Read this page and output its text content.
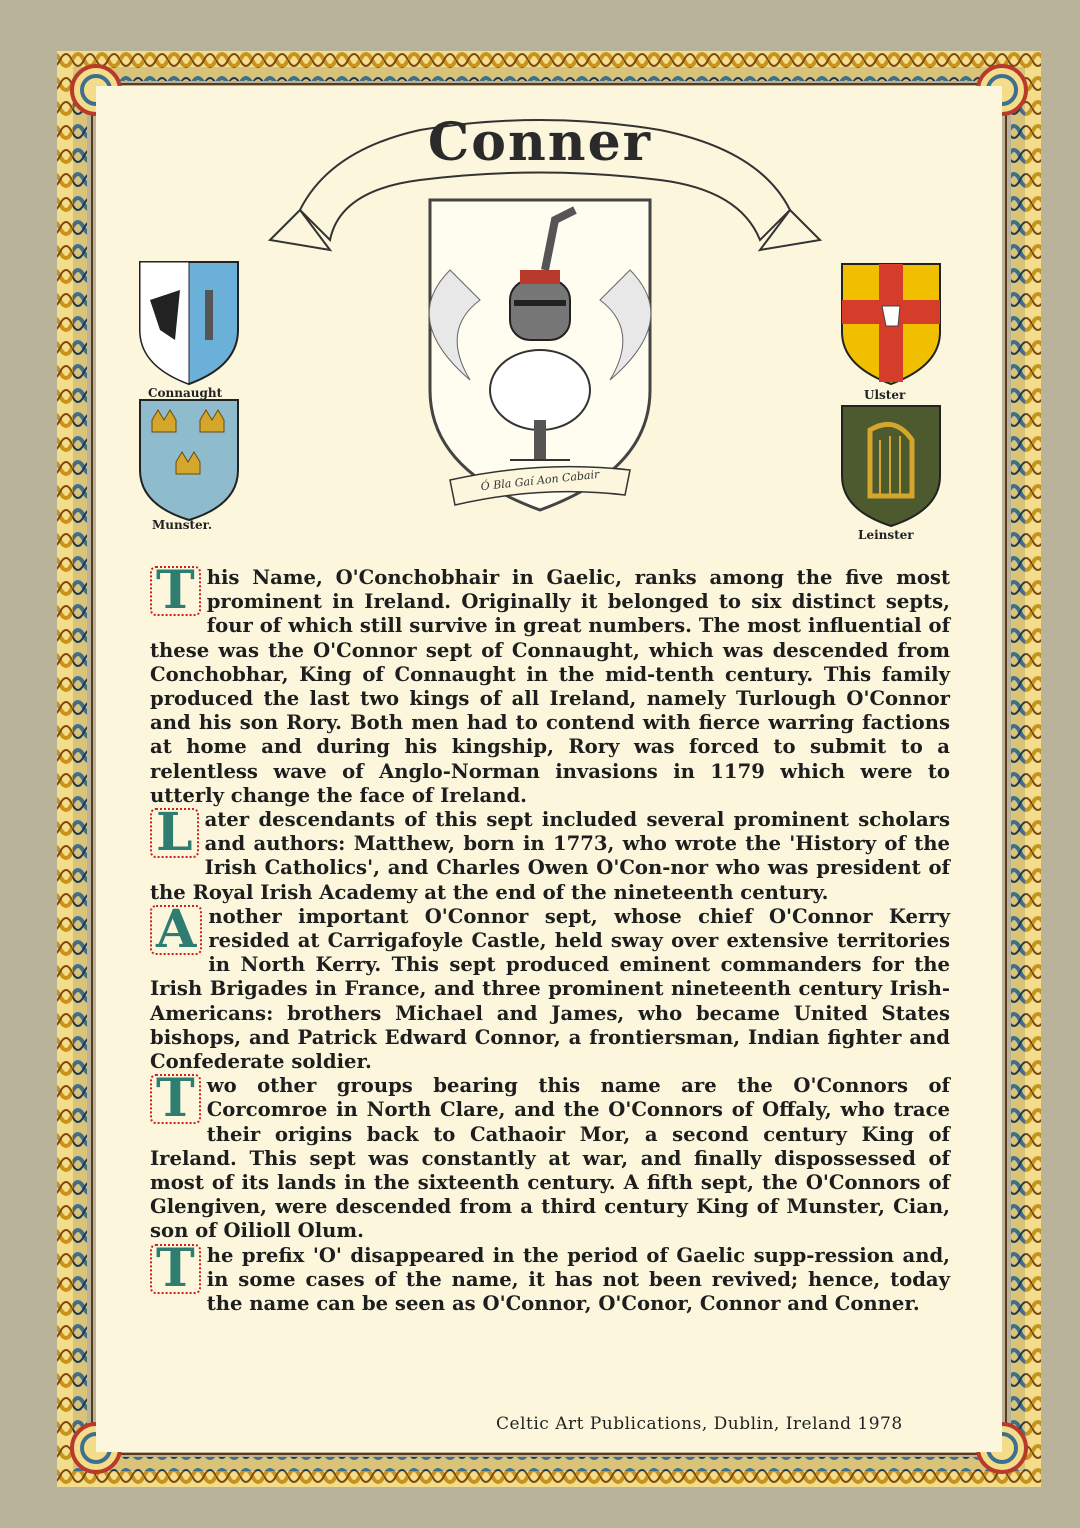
Conner
Ó Bla Gaí Aon Cabair
Connaught
Munster.
Ulster
Leinster

T his Name, O'Conchobhair in Gaelic, ranks among the five most prominent in Ireland. Originally it belonged to six distinct septs, four of which still survive in great numbers. The most influential of these was the O'Connor sept of Connaught, which was descended from Conchobhar, King of Connaught in the mid-tenth century. This family produced the last two kings of all Ireland, namely Turlough O'Connor and his son Rory. Both men had to contend with fierce warring factions at home and during his kingship, Rory was forced to submit to a relentless wave of Anglo-Norman invasions in 1179 which were to utterly change the face of Ireland.

L ater descendants of this sept included several prominent scholars and authors: Matthew, born in 1773, who wrote the 'History of the Irish Catholics', and Charles Owen O'Con-nor who was president of the Royal Irish Academy at the end of the nineteenth century.

A nother important O'Connor sept, whose chief O'Connor Kerry resided at Carrigafoyle Castle, held sway over extensive territories in North Kerry. This sept produced eminent commanders for the Irish Brigades in France, and three prominent nineteenth century Irish-Americans: brothers Michael and James, who became United States bishops, and Patrick Edward Connor, a frontiersman, Indian fighter and Confederate soldier.

T wo other groups bearing this name are the O'Connors of Corcomroe in North Clare, and the O'Connors of Offaly, who trace their origins back to Cathaoir Mor, a second century King of Ireland. This sept was constantly at war, and finally dispossessed of most of its lands in the sixteenth century. A fifth sept, the O'Connors of Glengiven, were descended from a third century King of Munster, Cian, son of Oilioll Olum.

T he prefix 'O' disappeared in the period of Gaelic supp-ression and, in some cases of the name, it has not been revived; hence, today the name can be seen as O'Connor, O'Conor, Connor and Conner.

Celtic Art Publications, Dublin, Ireland 1978
